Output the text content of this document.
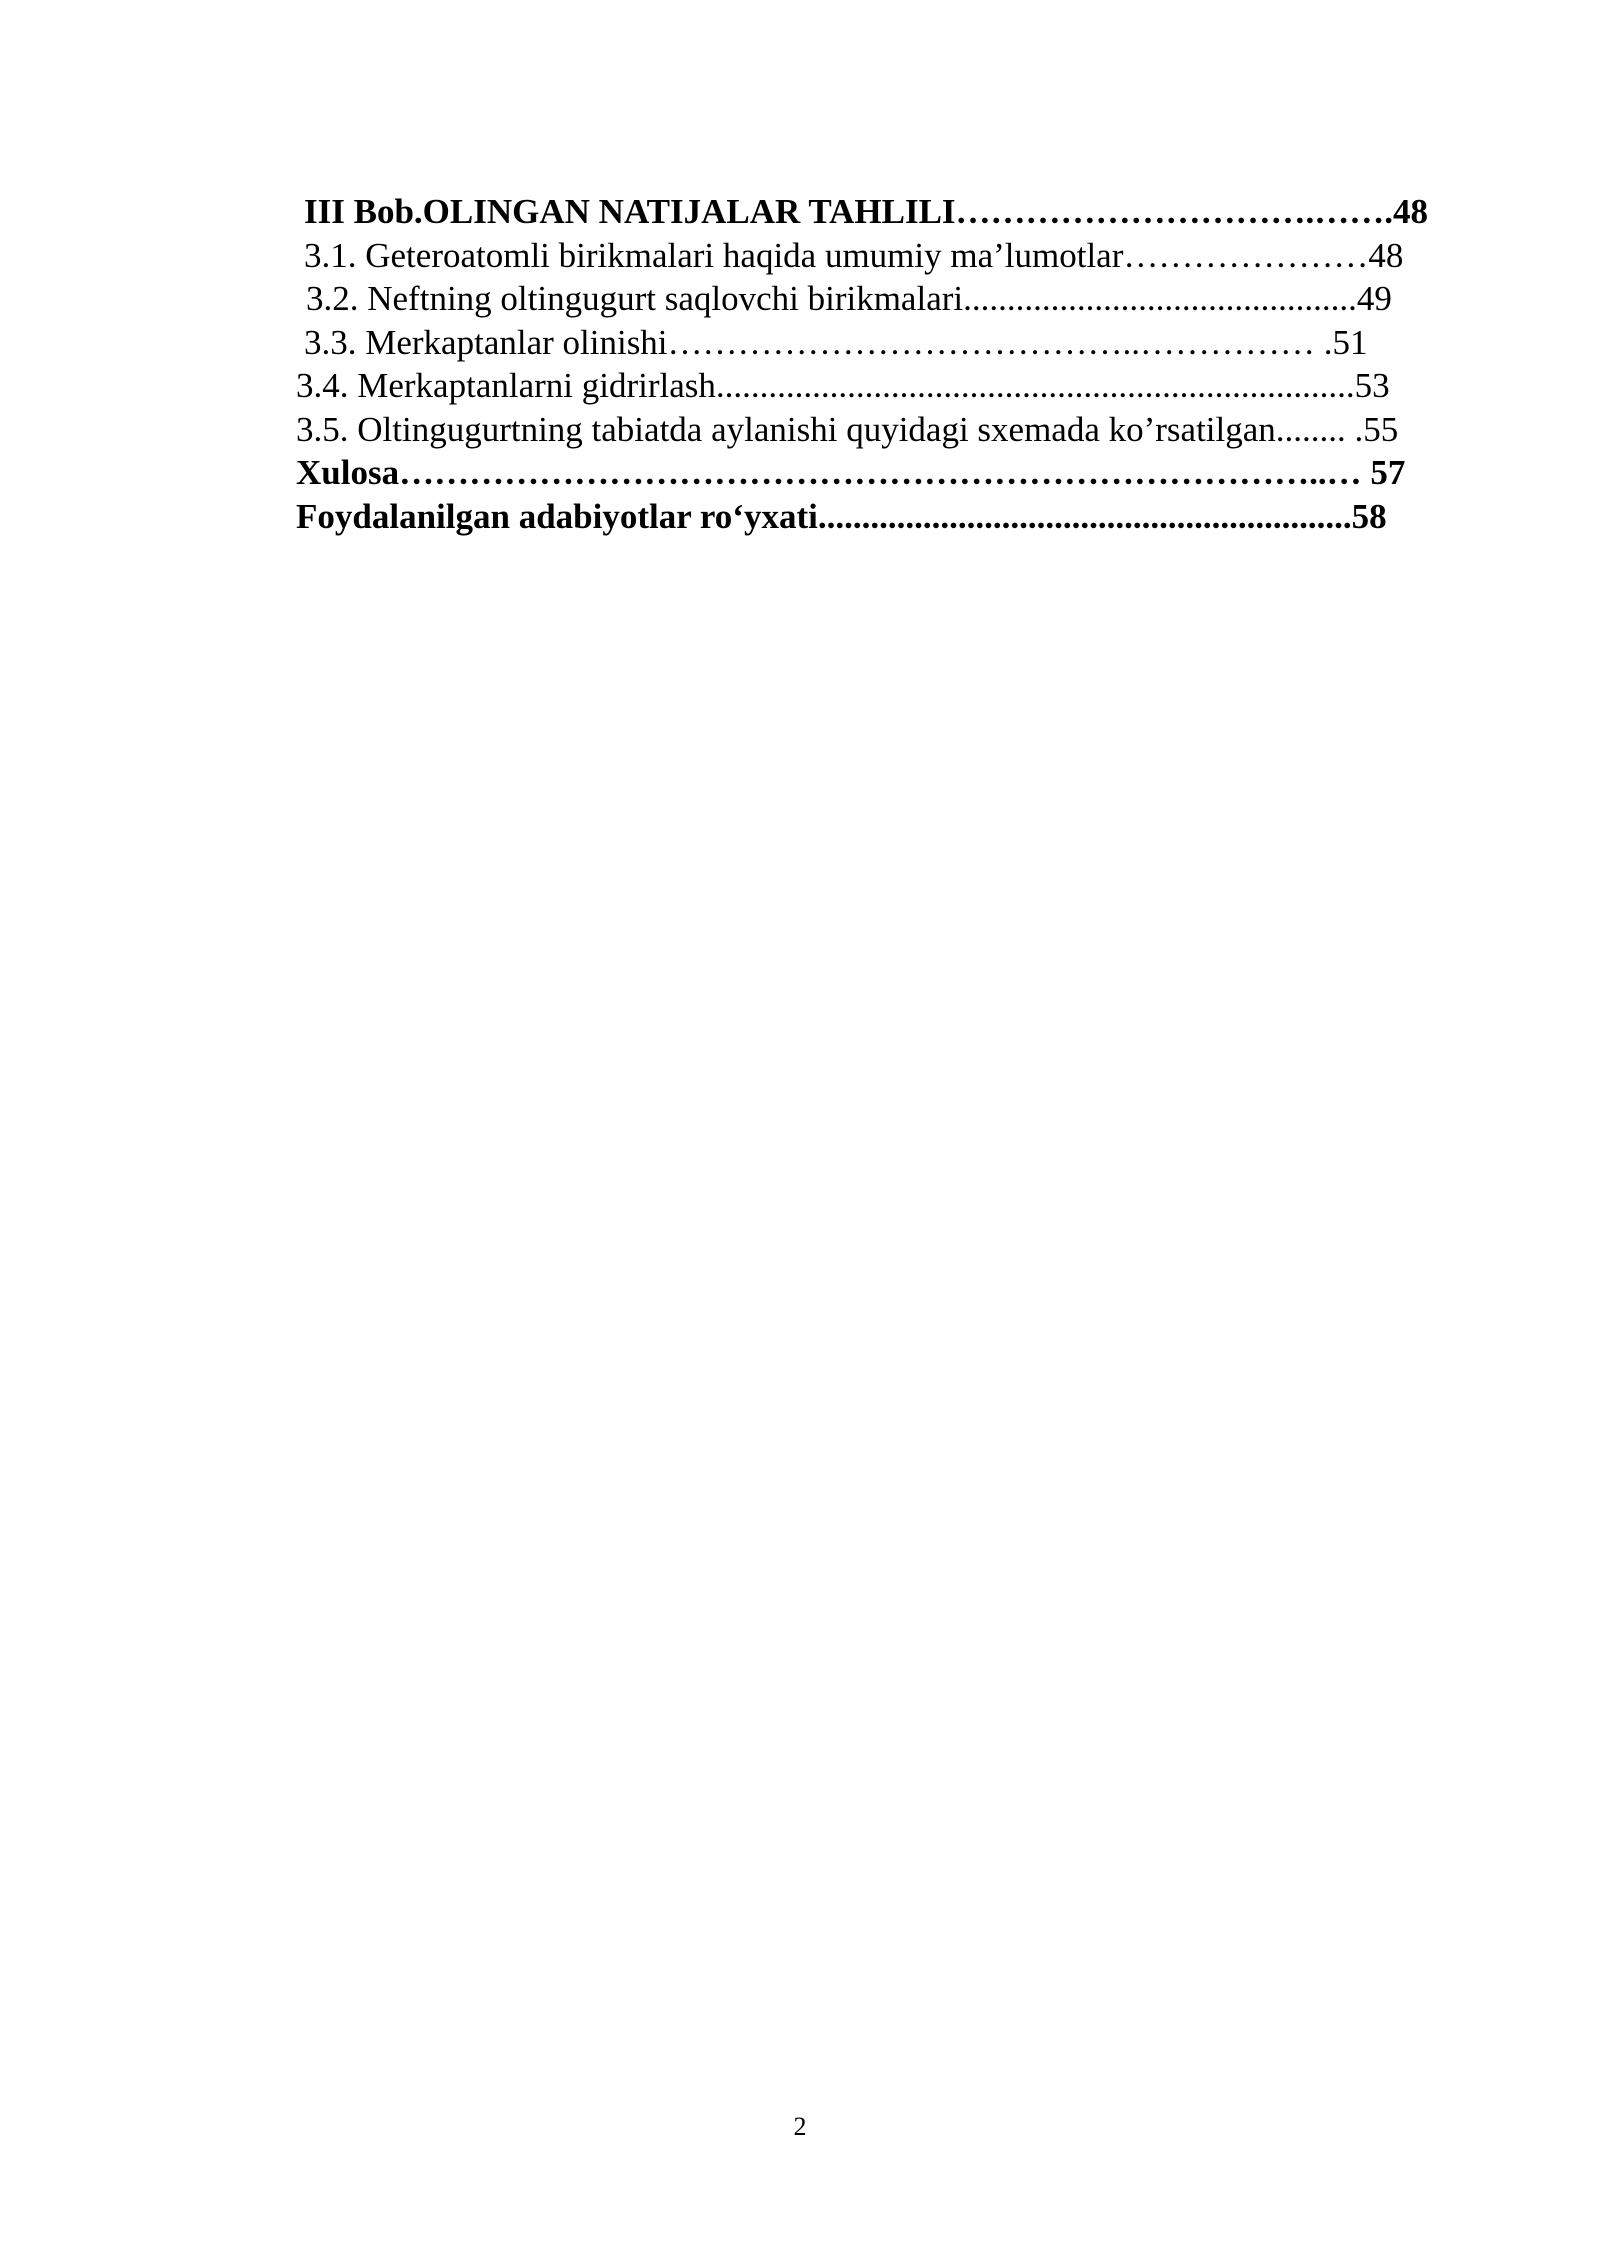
III Bob.OLINGAN NATIJALAR TAHLILI………………………….…….48
3.1. Geteroatomli birikmalari haqida umumiy ma’lumotlar…………………48
3.2. Neftning oltingugurt saqlovchi birikmalari.............................................49
3.3. Merkaptanlar olinishi…………………………………..…………… .51
3.4. Merkaptanlarni gidrirlash.........................................................................53
3.5. Oltingugurtning tabiatda aylanishi quyidagi sxemada ko’rsatilgan........ .55
Xulosa……………………………………………………………………..… 57
Foydalanilgan adabiyotlar ro‘yxati.............................................................58
2
